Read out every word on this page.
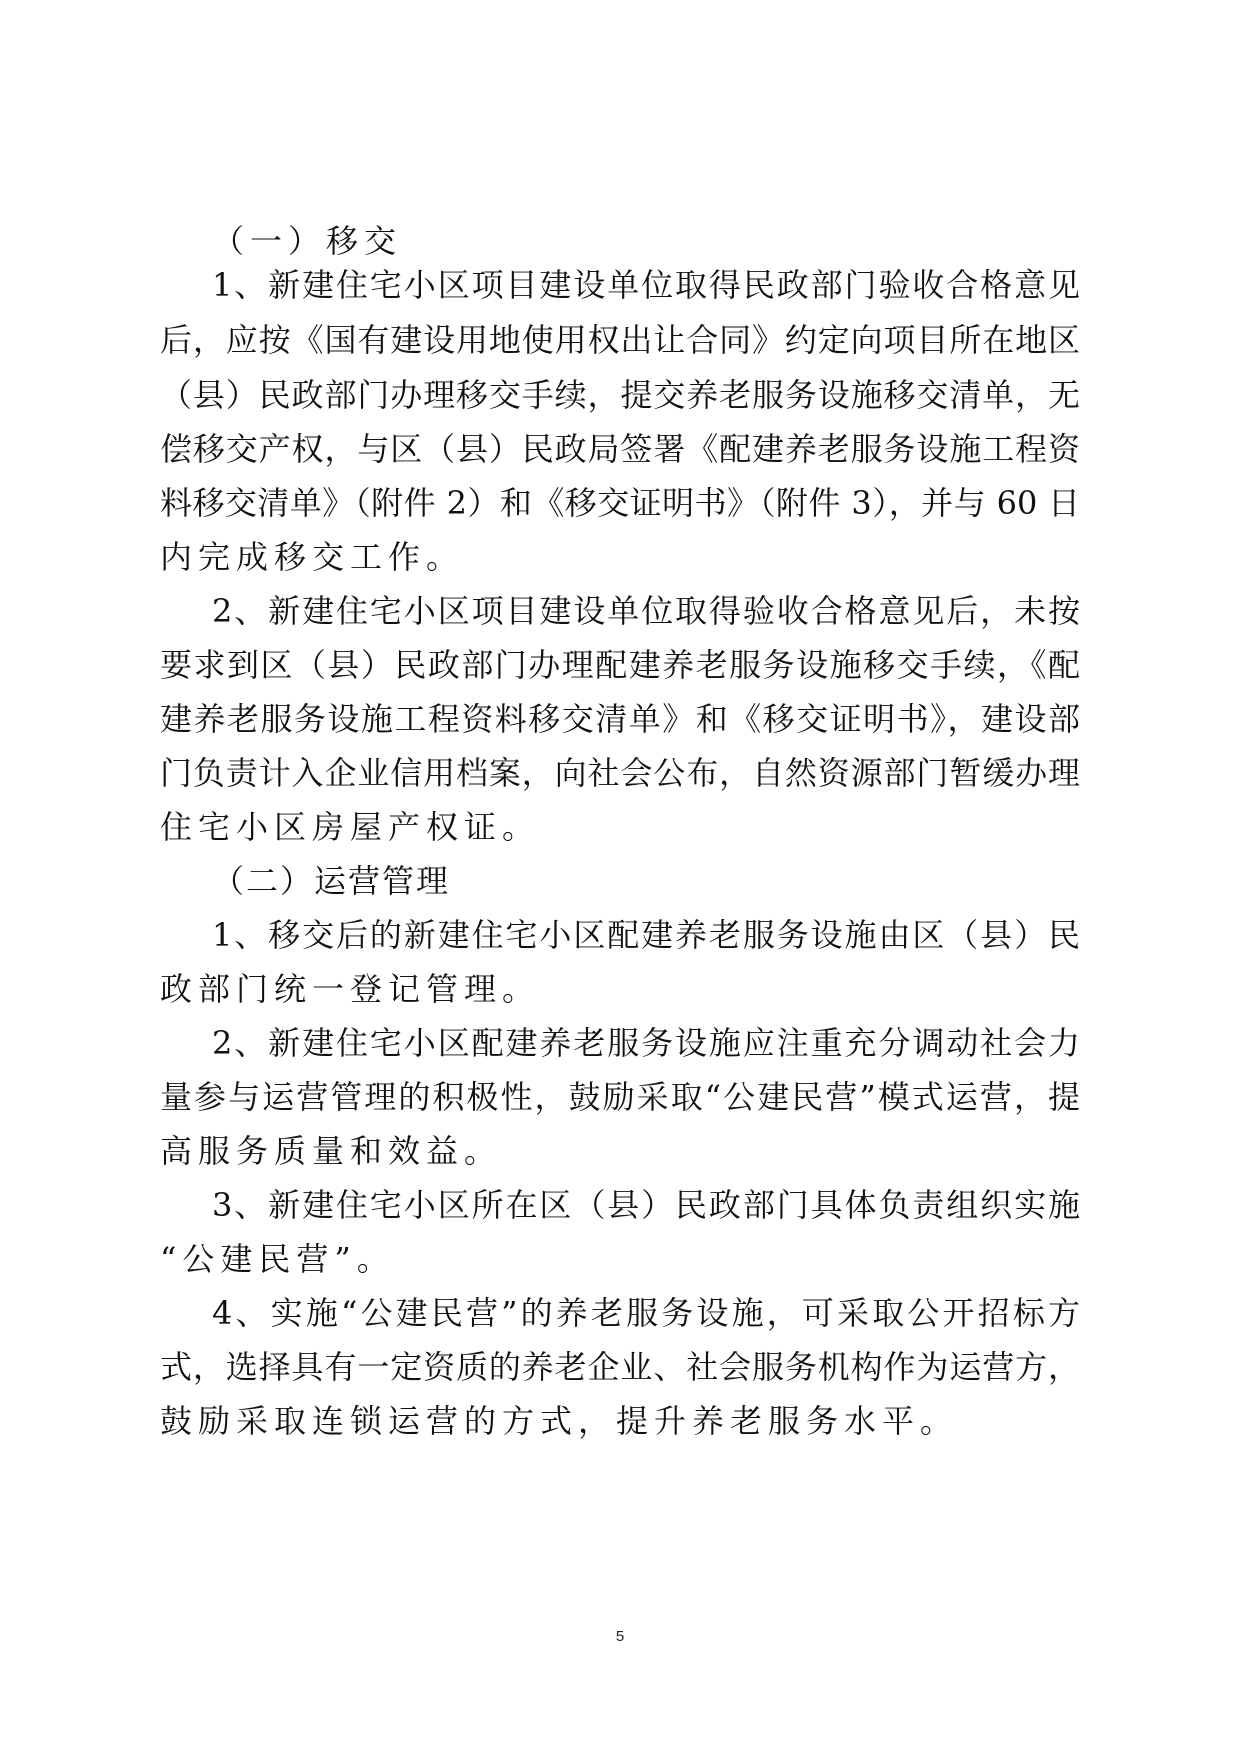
（一）移交
1、新建住宅小区项目建设单位取得民政部门验收合格意见
后，应按《国有建设用地使用权出让合同》约定向项目所在地区
（县）民政部门办理移交手续，提交养老服务设施移交清单，无
偿移交产权，与区（县）民政局签署《配建养老服务设施工程资
料移交清单》（附件 2）和《移交证明书》（附件 3），并与 60 日
内完成移交工作。
2、新建住宅小区项目建设单位取得验收合格意见后，未按
要求到区（县）民政部门办理配建养老服务设施移交手续，《配
建养老服务设施工程资料移交清单》和《移交证明书》，建设部
门负责计入企业信用档案，向社会公布，自然资源部门暂缓办理
住宅小区房屋产权证。
（二）运营管理
1、移交后的新建住宅小区配建养老服务设施由区（县）民
政部门统一登记管理。
2、新建住宅小区配建养老服务设施应注重充分调动社会力
量参与运营管理的积极性，鼓励采取“公建民营”模式运营，提
高服务质量和效益。
3、新建住宅小区所在区（县）民政部门具体负责组织实施
“公建民营”。
4、实施“公建民营”的养老服务设施，可采取公开招标方
式，选择具有一定资质的养老企业、社会服务机构作为运营方，
鼓励采取连锁运营的方式，提升养老服务水平。
5
